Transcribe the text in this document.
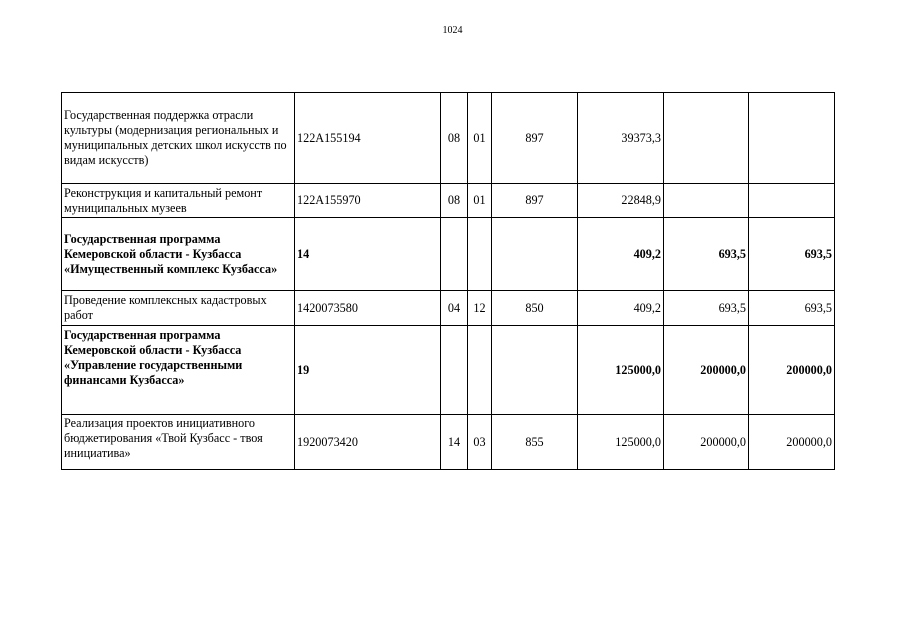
1024
Государственная поддержка отрасли культуры (модернизация региональных и муниципальных детских школ искусств по видам искусств)	122A155194	08	01	897	39373,3		
Реконструкция и капитальный ремонт муниципальных музеев	122A155970	08	01	897	22848,9		
Государственная программа Кемеровской области - Кузбасса «Имущественный комплекс Кузбасса»	14				409,2	693,5	693,5
Проведение комплексных кадастровых работ	1420073580	04	12	850	409,2	693,5	693,5
Государственная программа Кемеровской области - Кузбасса «Управление государственными финансами Кузбасса»	19				125000,0	200000,0	200000,0
Реализация проектов инициативного бюджетирования «Твой Кузбасс - твоя инициатива»	1920073420	14	03	855	125000,0	200000,0	200000,0
